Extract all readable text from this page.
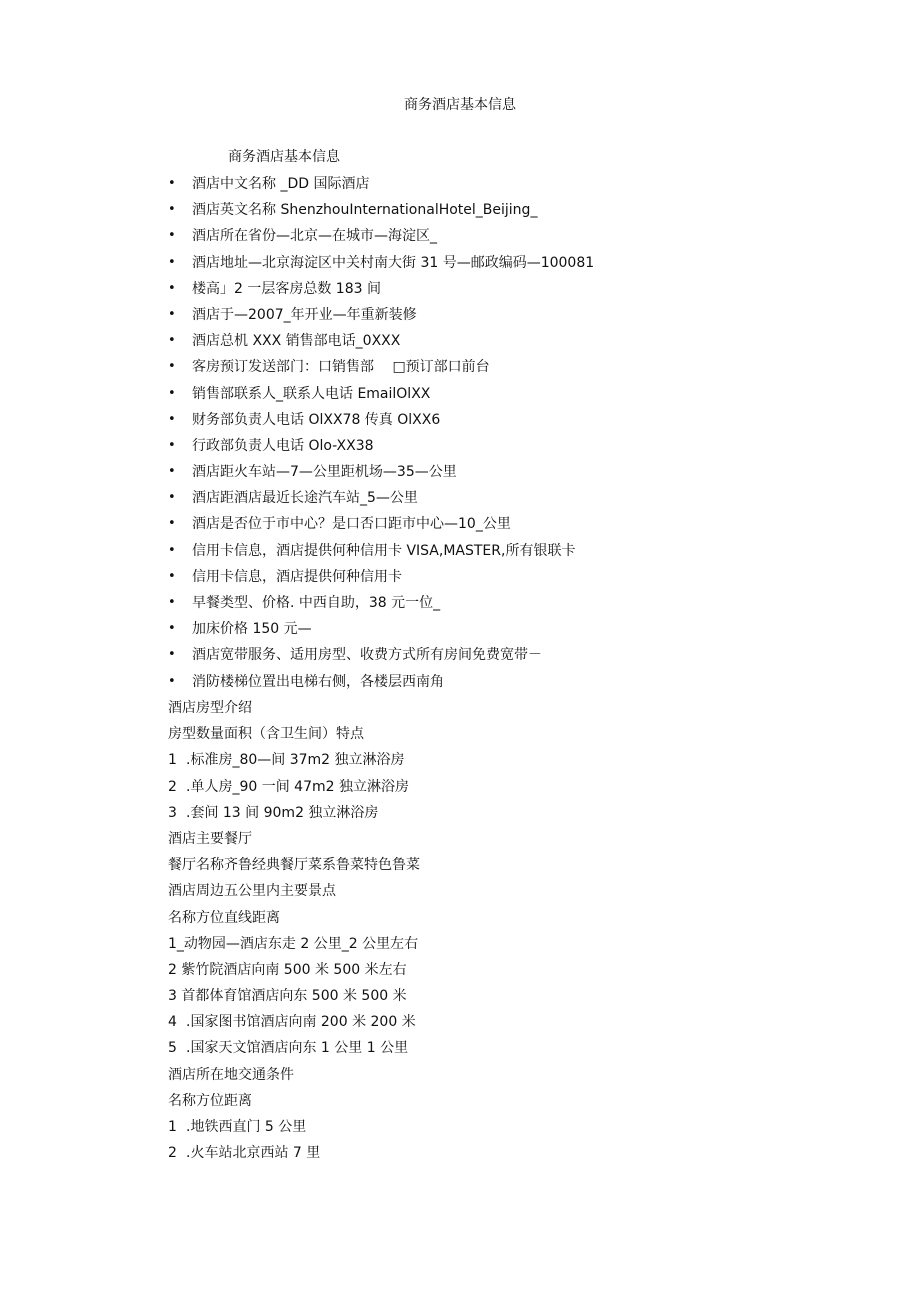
商务酒店基本信息
商务酒店基本信息
• 酒店中文名称 _DD 国际酒店
• 酒店英文名称 ShenzhouInternationalHotel_Beijing_
• 酒店所在省份—北京—在城市—海淀区_
• 酒店地址—北京海淀区中关村南大街 31 号—邮政编码—100081
• 楼高」2 一层客房总数 183 间
• 酒店于—2007_年开业—年重新装修
• 酒店总机 XXX 销售部电话_0XXX
• 客房预订发送部门：口销售部　 □预订部口前台
• 销售部联系人_联系人电话 EmailOlXX
• 财务部负责人电话 OlXX78 传真 OlXX6
• 行政部负责人电话 Olo-XX38
• 酒店距火车站—7—公里距机场—35—公里
• 酒店距酒店最近长途汽车站_5—公里
• 酒店是否位于市中心？是口否口距市中心—10_公里
• 信用卡信息，酒店提供何种信用卡 VISA,MASTER,所有银联卡
• 信用卡信息，酒店提供何种信用卡
• 早餐类型、价格. 中西自助，38 元一位_
• 加床价格 150 元—
• 酒店宽带服务、适用房型、收费方式所有房间免费宽带－
• 消防楼梯位置出电梯右侧，各楼层西南角
酒店房型介绍
房型数量面积（含卫生间）特点
1 .标准房_80—间 37m2 独立淋浴房
2 .单人房_90 一间 47m2 独立淋浴房
3 .套间 13 间 90m2 独立淋浴房
酒店主要餐厅
餐厅名称齐鲁经典餐厅菜系鲁菜特色鲁菜
酒店周边五公里内主要景点
名称方位直线距离
1_动物园—酒店东走 2 公里_2 公里左右
2 紫竹院酒店向南 500 米 500 米左右
3 首都体育馆酒店向东 500 米 500 米
4 .国家图书馆酒店向南 200 米 200 米
5 .国家天文馆酒店向东 1 公里 1 公里
酒店所在地交通条件
名称方位距离
1 .地铁西直门 5 公里
2 .火车站北京西站 7 里
